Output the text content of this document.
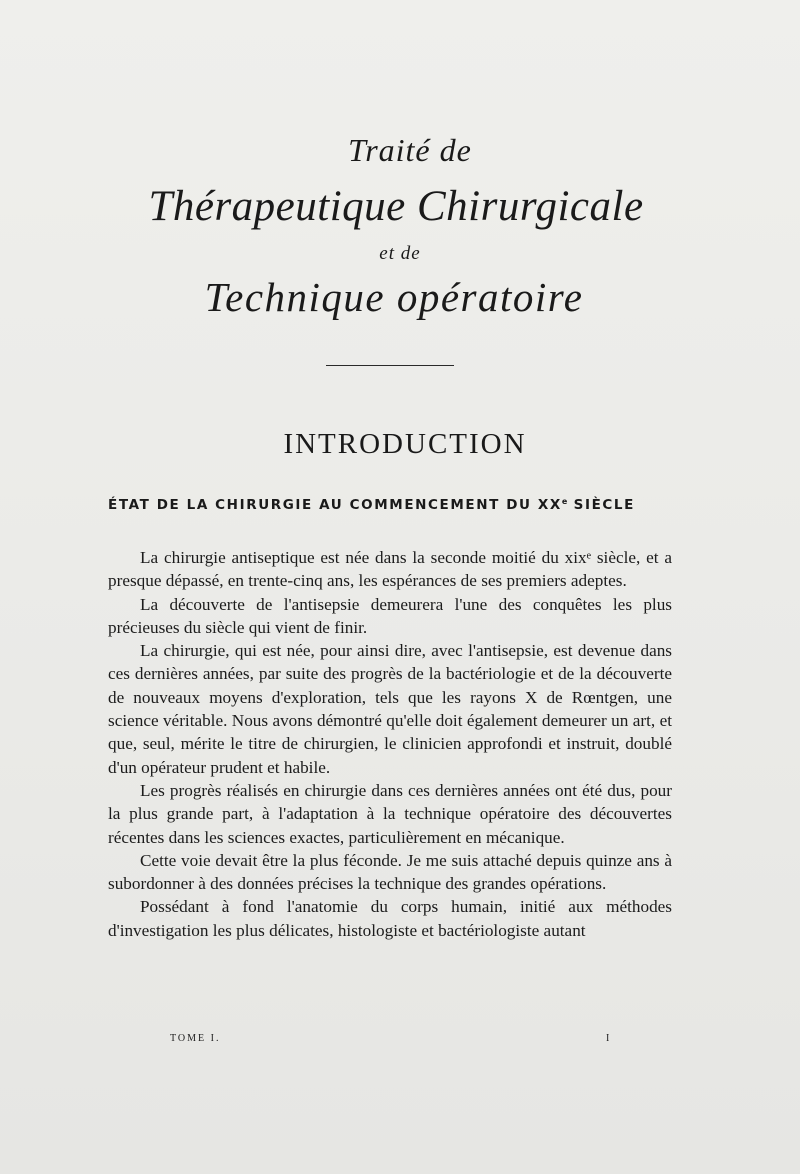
Traité de
Thérapeutique Chirurgicale
et de
Technique opératoire
INTRODUCTION
ÉTAT DE LA CHIRURGIE AU COMMENCEMENT DU XXe SIÈCLE

La chirurgie antiseptique est née dans la seconde moitié du xixᵉ siècle, et a presque dépassé, en trente-cinq ans, les espérances de ses premiers adeptes.

La découverte de l'antisepsie demeurera l'une des conquêtes les plus précieuses du siècle qui vient de finir.

La chirurgie, qui est née, pour ainsi dire, avec l'antisepsie, est devenue dans ces dernières années, par suite des progrès de la bactériologie et de la découverte de nouveaux moyens d'exploration, tels que les rayons X de Rœntgen, une science véritable. Nous avons démontré qu'elle doit également demeurer un art, et que, seul, mérite le titre de chirurgien, le clinicien approfondi et instruit, doublé d'un opérateur prudent et habile.

Les progrès réalisés en chirurgie dans ces dernières années ont été dus, pour la plus grande part, à l'adaptation à la technique opératoire des découvertes récentes dans les sciences exactes, particulièrement en mécanique.

Cette voie devait être la plus féconde. Je me suis attaché depuis quinze ans à subordonner à des données précises la technique des grandes opérations.

Possédant à fond l'anatomie du corps humain, initié aux méthodes d'investigation les plus délicates, histologiste et bactériologiste autant

TOME I.	I
